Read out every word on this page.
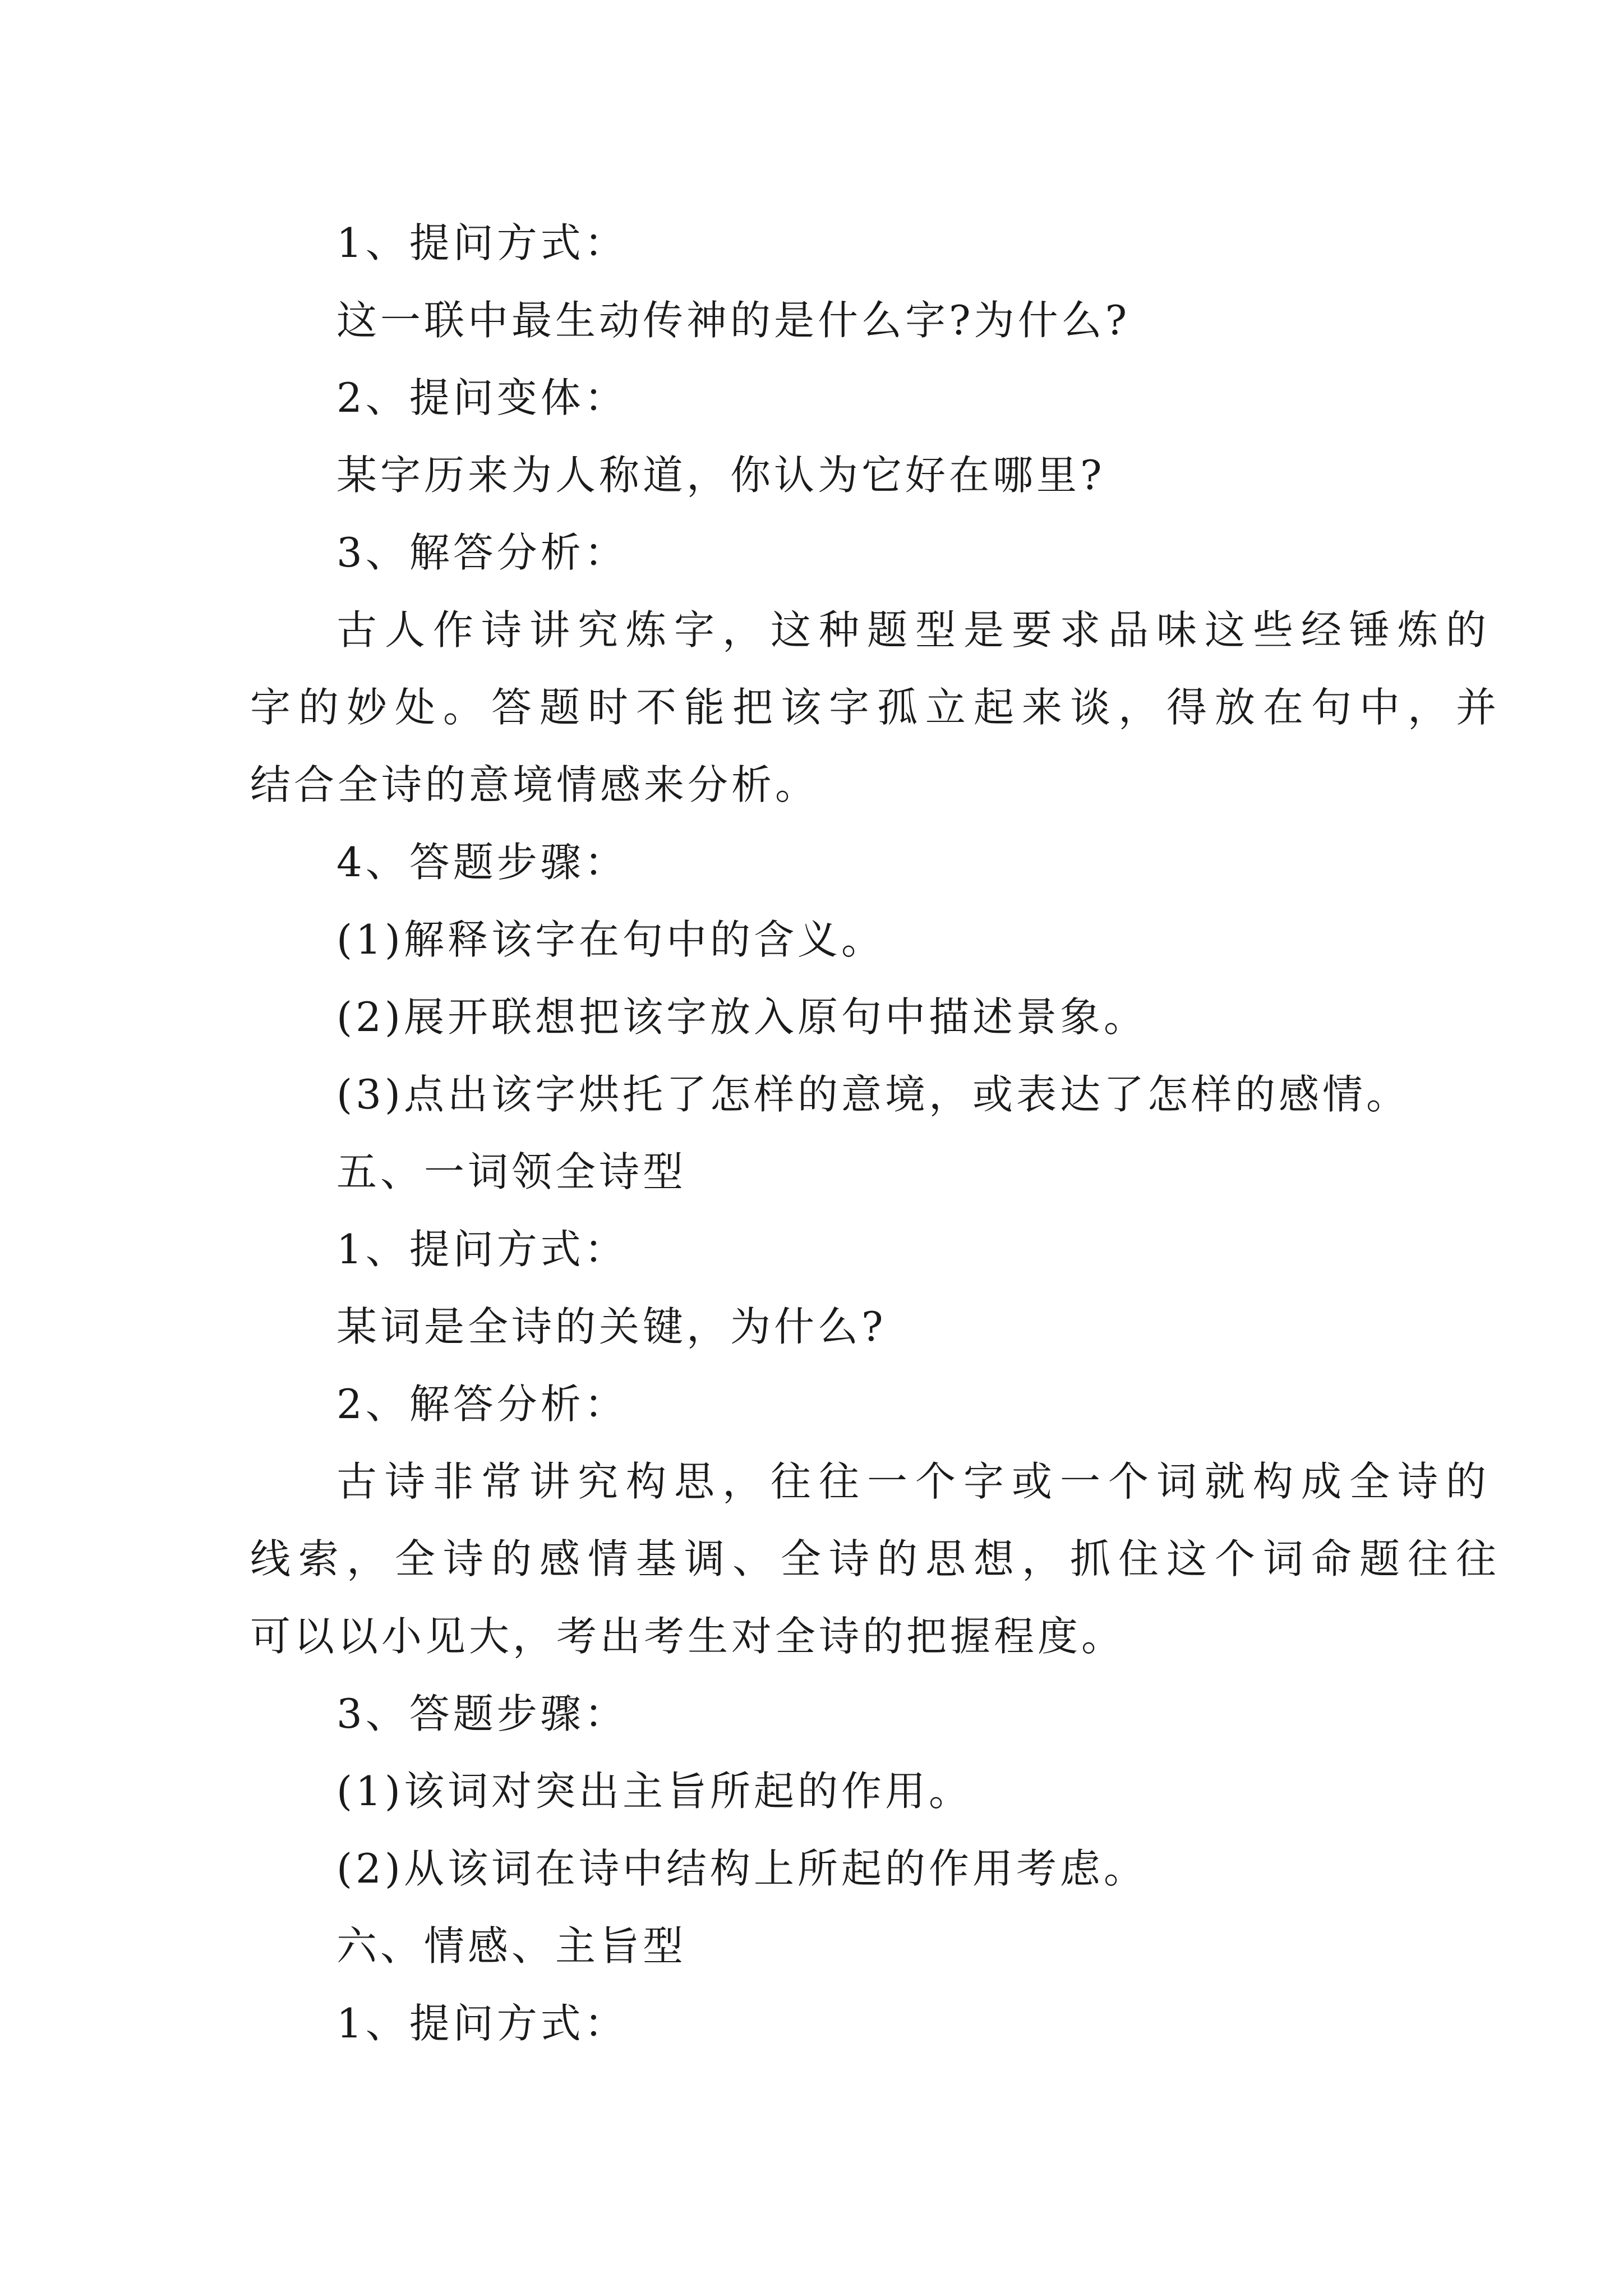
1、提问方式：
这一联中最生动传神的是什么字?为什么?
2、提问变体：
某字历来为人称道，你认为它好在哪里?
3、解答分析：
古人作诗讲究炼字，这种题型是要求品味这些经锤炼的
字的妙处。答题时不能把该字孤立起来谈，得放在句中，并
结合全诗的意境情感来分析。
4、答题步骤：
(1)解释该字在句中的含义。
(2)展开联想把该字放入原句中描述景象。
(3)点出该字烘托了怎样的意境，或表达了怎样的感情。
五、一词领全诗型
1、提问方式：
某词是全诗的关键，为什么?
2、解答分析：
古诗非常讲究构思，往往一个字或一个词就构成全诗的
线索，全诗的感情基调、全诗的思想，抓住这个词命题往往
可以以小见大，考出考生对全诗的把握程度。
3、答题步骤：
(1)该词对突出主旨所起的作用。
(2)从该词在诗中结构上所起的作用考虑。
六、情感、主旨型
1、提问方式：
